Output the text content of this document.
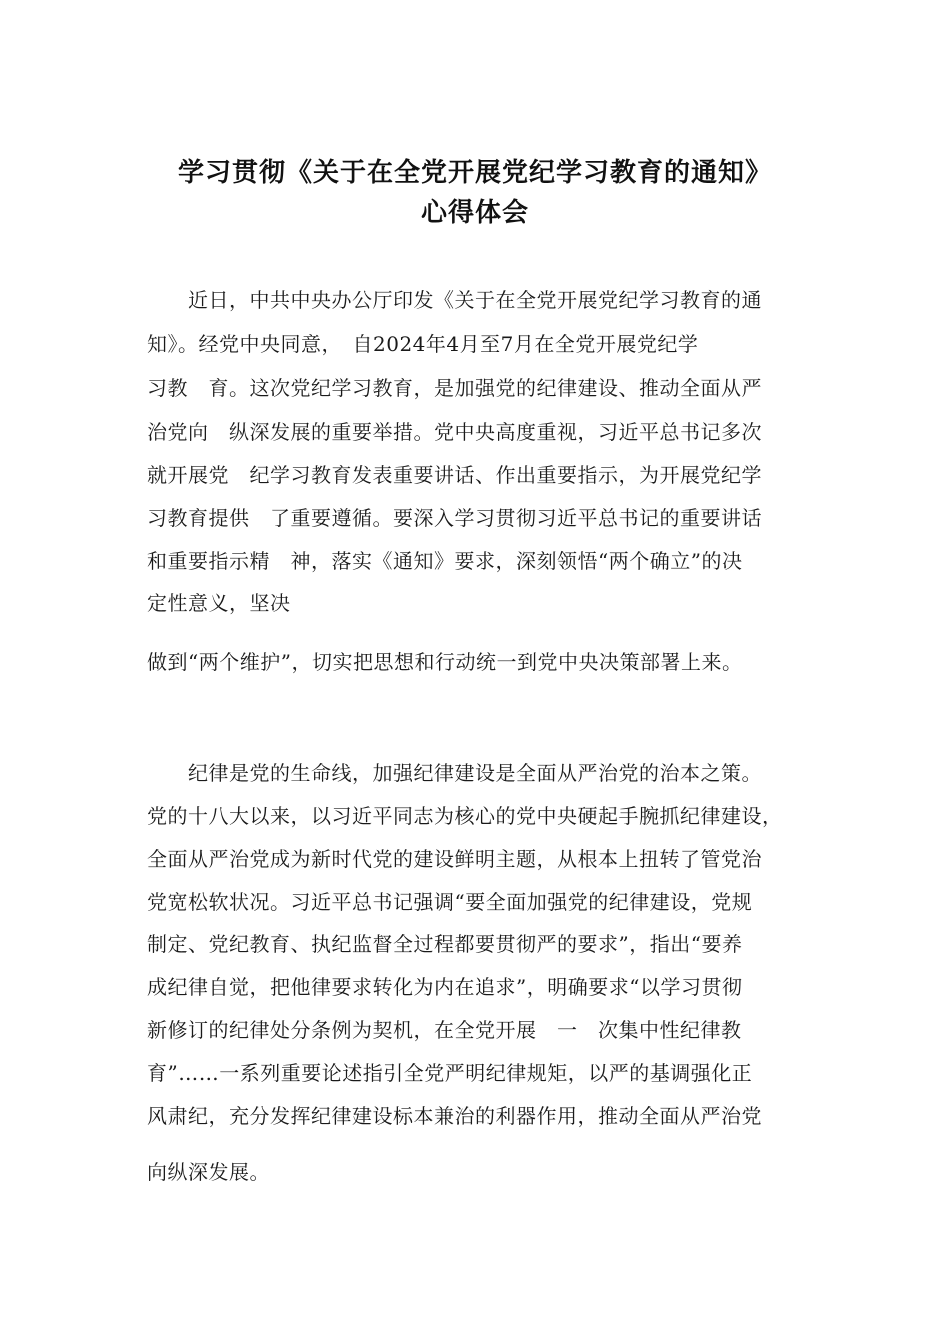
学习贯彻《关于在全党开展党纪学习教育的通知》
心得体会
　　近日，中共中央办公厅印发《关于在全党开展党纪学习教育的通
知》。经党中央同意，　自2024年4月至7月在全党开展党纪学
习教　育。这次党纪学习教育，是加强党的纪律建设、推动全面从严
治党向　纵深发展的重要举措。党中央高度重视，习近平总书记多次
就开展党　纪学习教育发表重要讲话、作出重要指示，为开展党纪学
习教育提供　了重要遵循。要深入学习贯彻习近平总书记的重要讲话
和重要指示精　神，落实《通知》要求，深刻领悟“两个确立”的决
定性意义，坚决
做到“两个维护”，切实把思想和行动统一到党中央决策部署上来。
　　纪律是党的生命线，加强纪律建设是全面从严治党的治本之策。
党的十八大以来，以习近平同志为核心的党中央硬起手腕抓纪律建设，
全面从严治党成为新时代党的建设鲜明主题，从根本上扭转了管党治
党宽松软状况。习近平总书记强调“要全面加强党的纪律建设，党规
制定、党纪教育、执纪监督全过程都要贯彻严的要求”，指出“要养
成纪律自觉，把他律要求转化为内在追求”，明确要求“以学习贯彻
新修订的纪律处分条例为契机，在全党开展　一　次集中性纪律教
育”……一系列重要论述指引全党严明纪律规矩，以严的基调强化正
风肃纪，充分发挥纪律建设标本兼治的利器作用，推动全面从严治党
向纵深发展。
